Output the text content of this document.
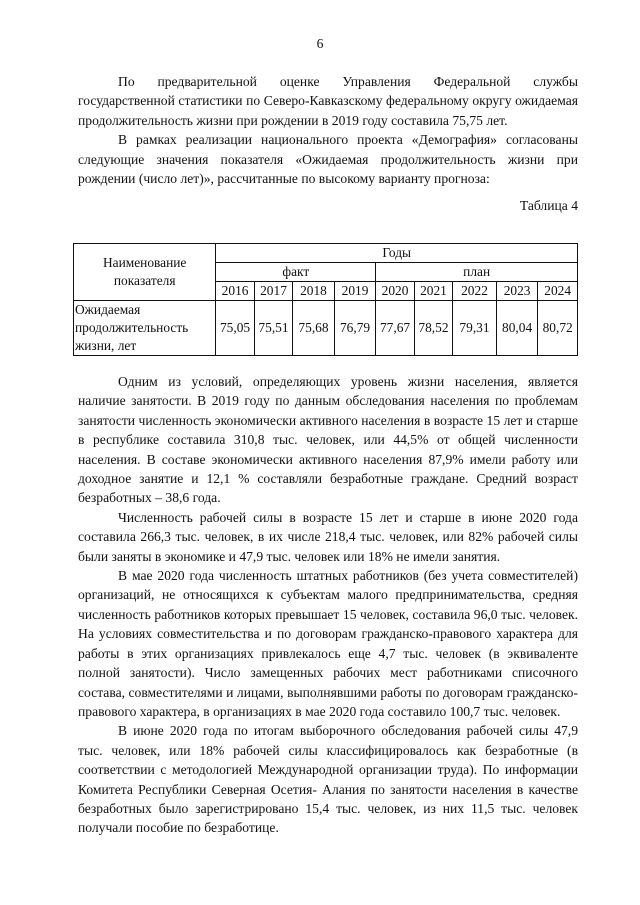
6

По предварительной оценке Управления Федеральной службы государственной статистики по Северо-Кавказскому федеральному округу ожидаемая продолжительность жизни при рождении в 2019 году составила 75,75 лет.

В рамках реализации национального проекта «Демография» согласованы следующие значения показателя «Ожидаемая продолжительность жизни при рождении (число лет)», рассчитанные по высокому варианту прогноза:

Таблица 4

Наименование показателя	Годы								
	факт				план				
	2016	2017	2018	2019	2020	2021	2022	2023	2024
Ожидаемая продолжительность жизни, лет	75,05	75,51	75,68	76,79	77,67	78,52	79,31	80,04	80,72

Одним из условий, определяющих уровень жизни населения, является наличие занятости. В 2019 году по данным обследования населения по проблемам занятости численность экономически активного населения в возрасте 15 лет и старше в республике составила 310,8 тыс. человек, или 44,5% от общей численности населения. В составе экономически активного населения 87,9% имели работу или доходное занятие и 12,1 % составляли безработные граждане. Средний возраст безработных – 38,6 года.

Численность рабочей силы в возрасте 15 лет и старше в июне 2020 года составила 266,3 тыс. человек, в их числе 218,4 тыс. человек, или 82% рабочей силы были заняты в экономике и 47,9 тыс. человек или 18% не имели занятия.

В мае 2020 года численность штатных работников (без учета совместителей) организаций, не относящихся к субъектам малого предпринимательства, средняя численность работников которых превышает 15 человек, составила 96,0 тыс. человек. На условиях совместительства и по договорам гражданско-правового характера для работы в этих организациях привлекалось еще 4,7 тыс. человек (в эквиваленте полной занятости). Число замещенных рабочих мест работниками списочного состава, совместителями и лицами, выполнявшими работы по договорам гражданско-правового характера, в организациях в мае 2020 года составило 100,7 тыс. человек.

В июне 2020 года по итогам выборочного обследования рабочей силы 47,9 тыс. человек, или 18% рабочей силы классифицировалось как безработные (в соответствии с методологией Международной организации труда). По информации Комитета Республики Северная Осетия- Алания по занятости населения в качестве безработных было зарегистрировано 15,4 тыс. человек, из них 11,5 тыс. человек получали пособие по безработице.
